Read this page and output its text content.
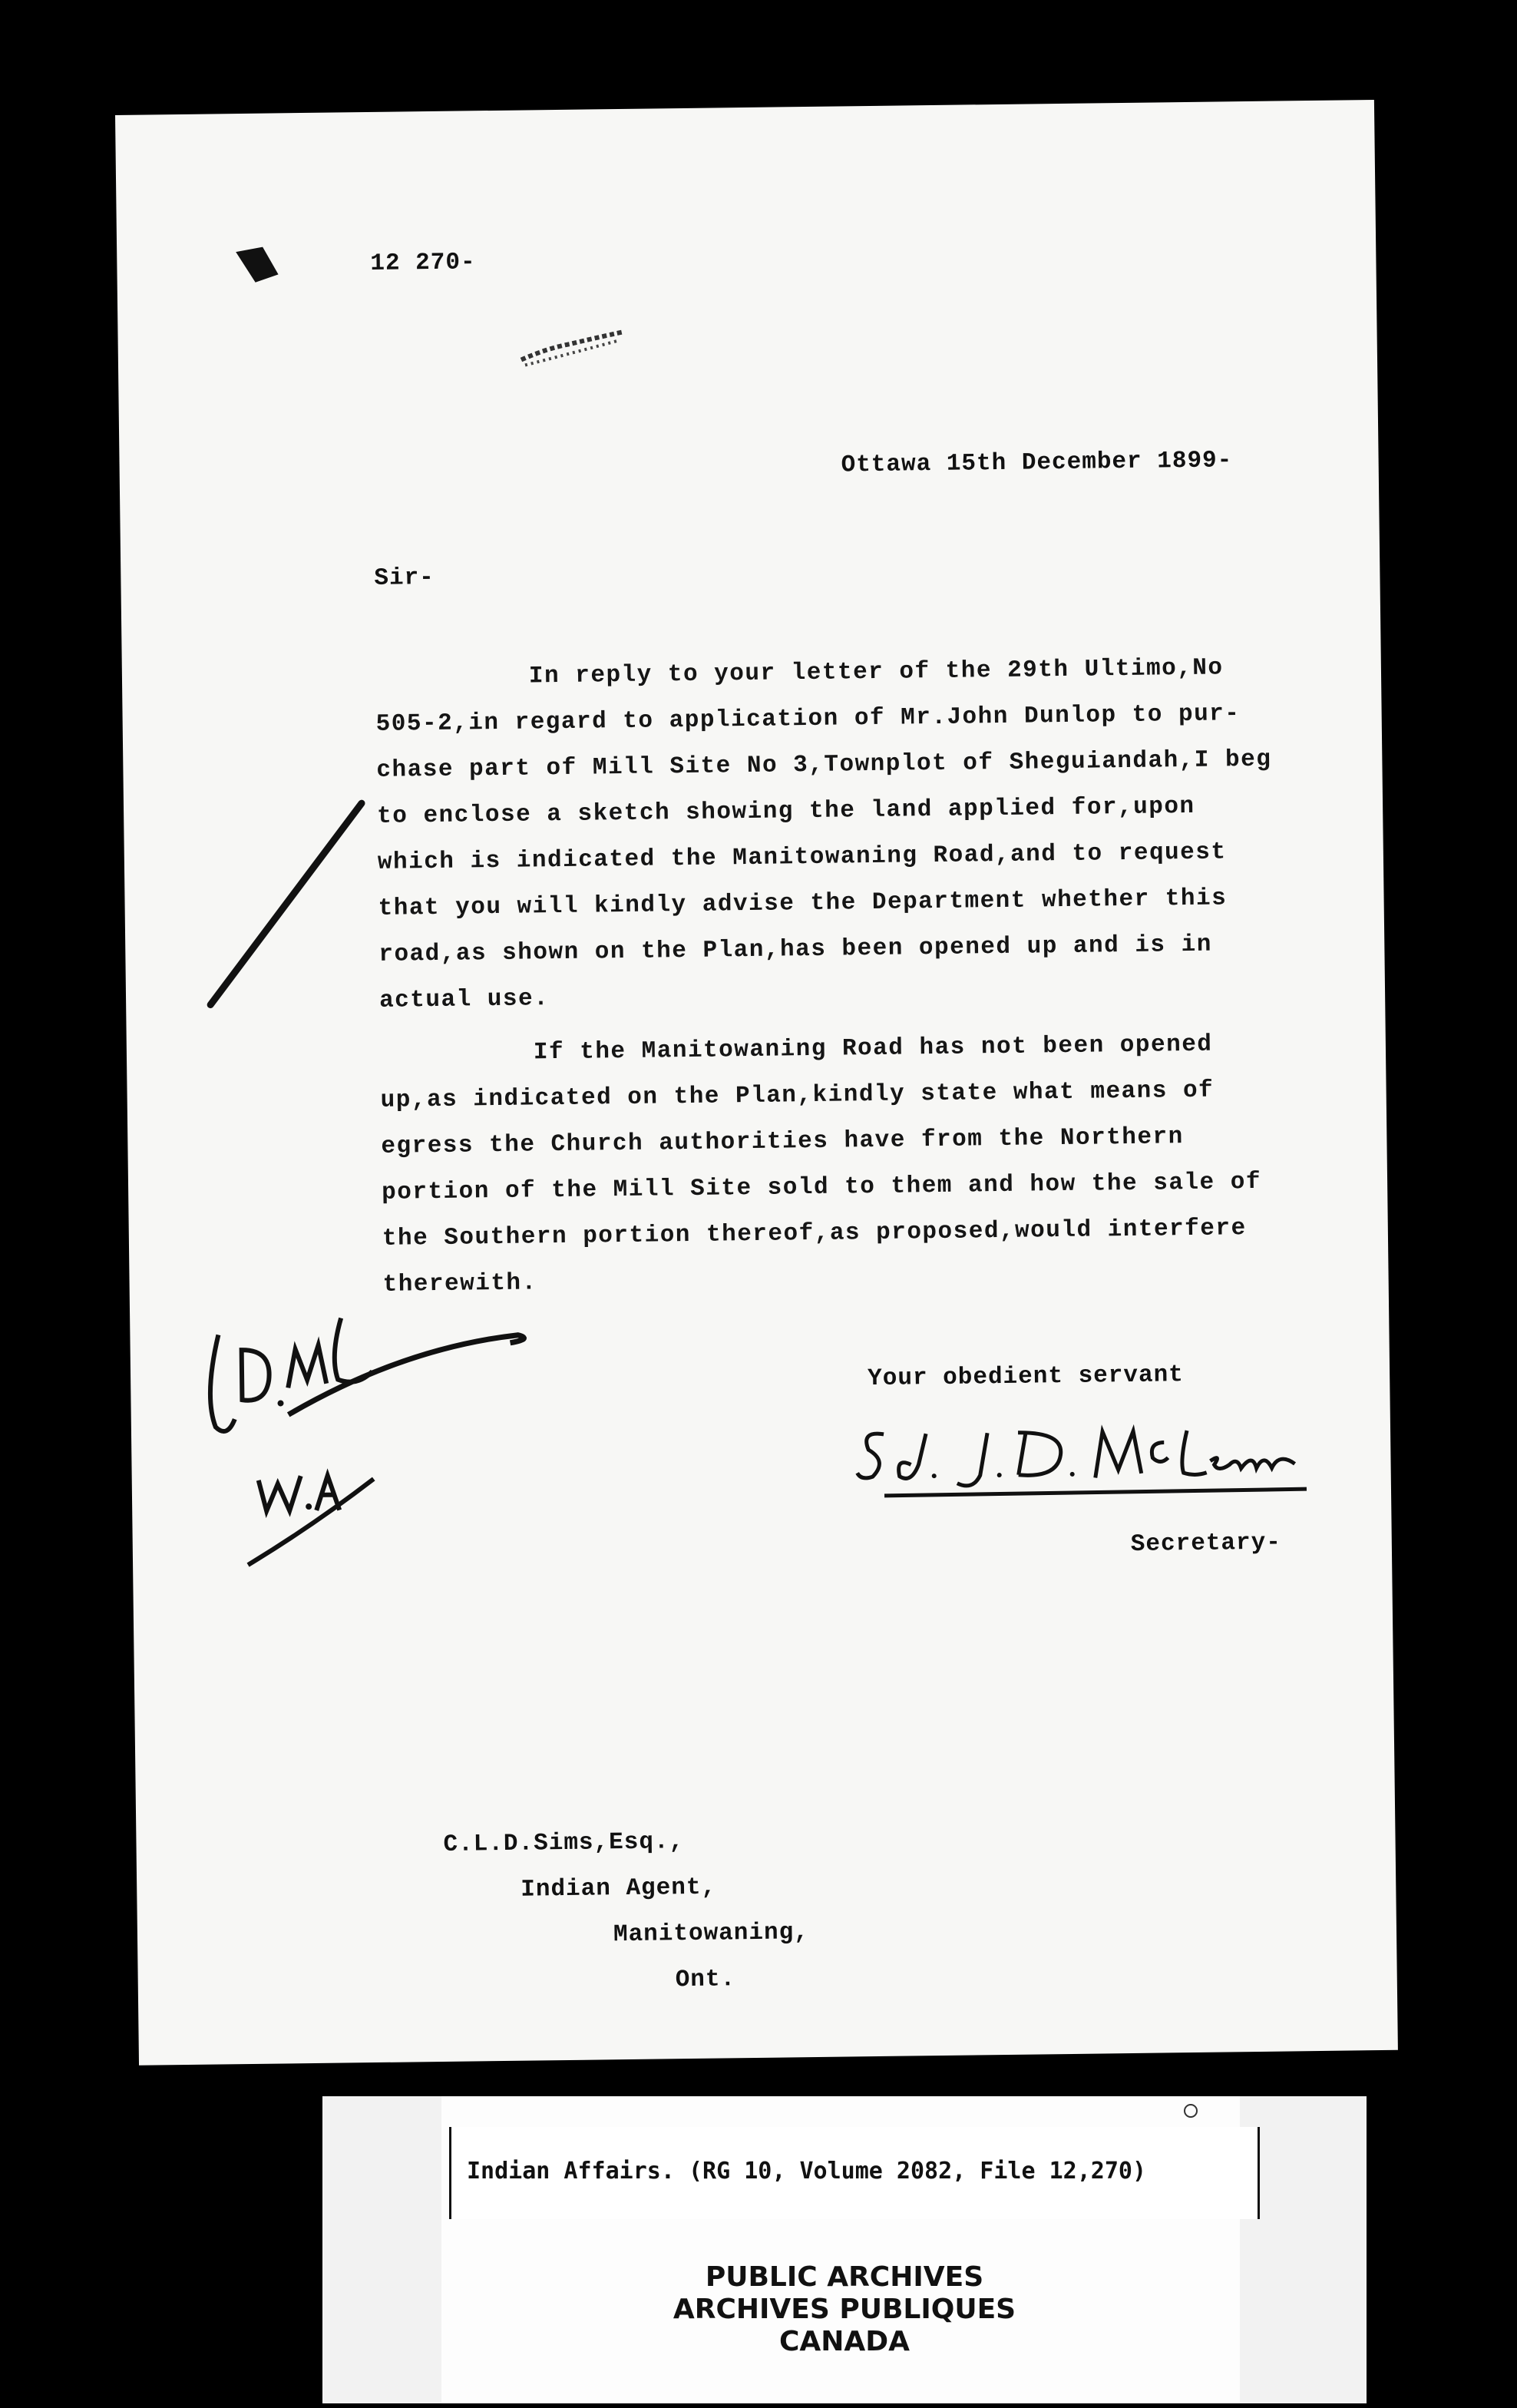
12 270-
Ottawa 15th December 1899-
Sir-
In reply to your letter of the 29th Ultimo,No
505-2,in regard to application of Mr.John Dunlop to pur-
chase part of Mill Site No 3,Townplot of Sheguiandah,I beg
to enclose a sketch showing the land applied for,upon
which is indicated the Manitowaning Road,and to request
that you will kindly advise the Department whether this
road,as shown on the Plan,has been opened up and is in
actual use.
If the Manitowaning Road has not been opened
up,as indicated on the Plan,kindly state what means of
egress the Church authorities have from the Northern
portion of the Mill Site sold to them and how the sale of
the Southern portion thereof,as proposed,would interfere
therewith.
Your obedient servant
Secretary-
C.L.D.Sims,Esq.,
Indian Agent,
Manitowaning,
Ont.
Indian Affairs. (RG 10, Volume 2082, File 12,270)
PUBLIC ARCHIVES
ARCHIVES PUBLIQUES
CANADA
